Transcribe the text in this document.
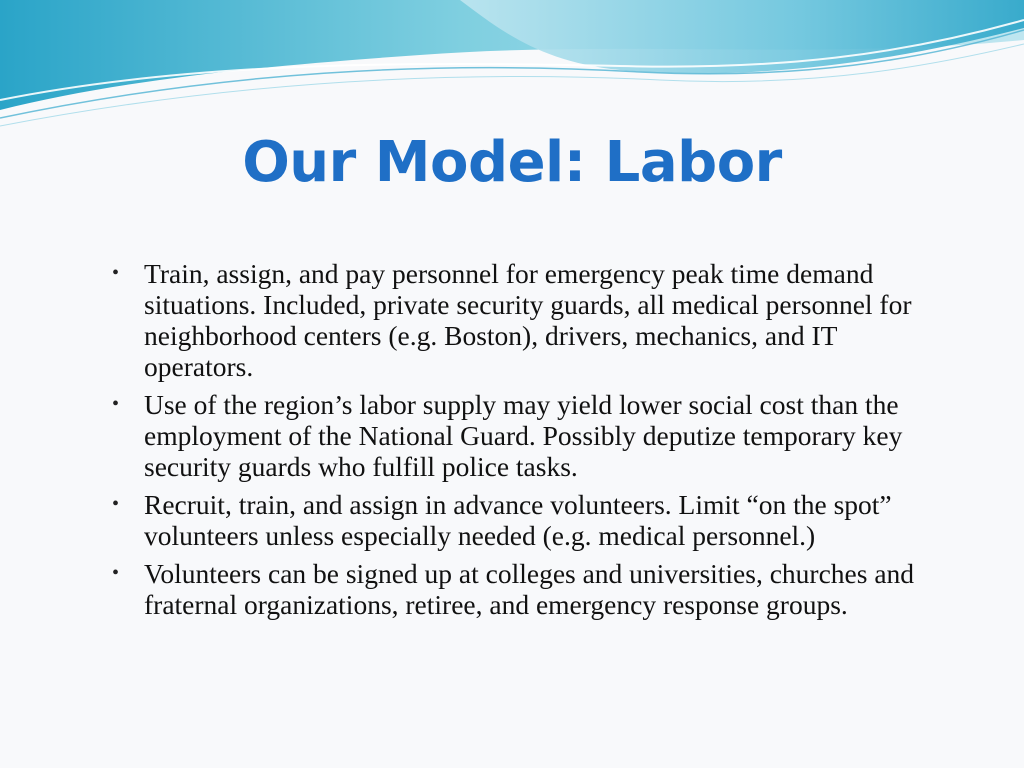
Our Model: Labor
• Train, assign, and pay personnel for emergency peak time demand situations. Included, private security guards, all medical personnel for neighborhood centers (e.g. Boston), drivers, mechanics, and IT operators.
• Use of the region’s labor supply may yield lower social cost than the employment of the National Guard. Possibly deputize temporary key security guards who fulfill police tasks.
• Recruit, train, and assign in advance volunteers. Limit “on the spot” volunteers unless especially needed (e.g. medical personnel.)
• Volunteers can be signed up at colleges and universities, churches and fraternal organizations, retiree, and emergency response groups.
